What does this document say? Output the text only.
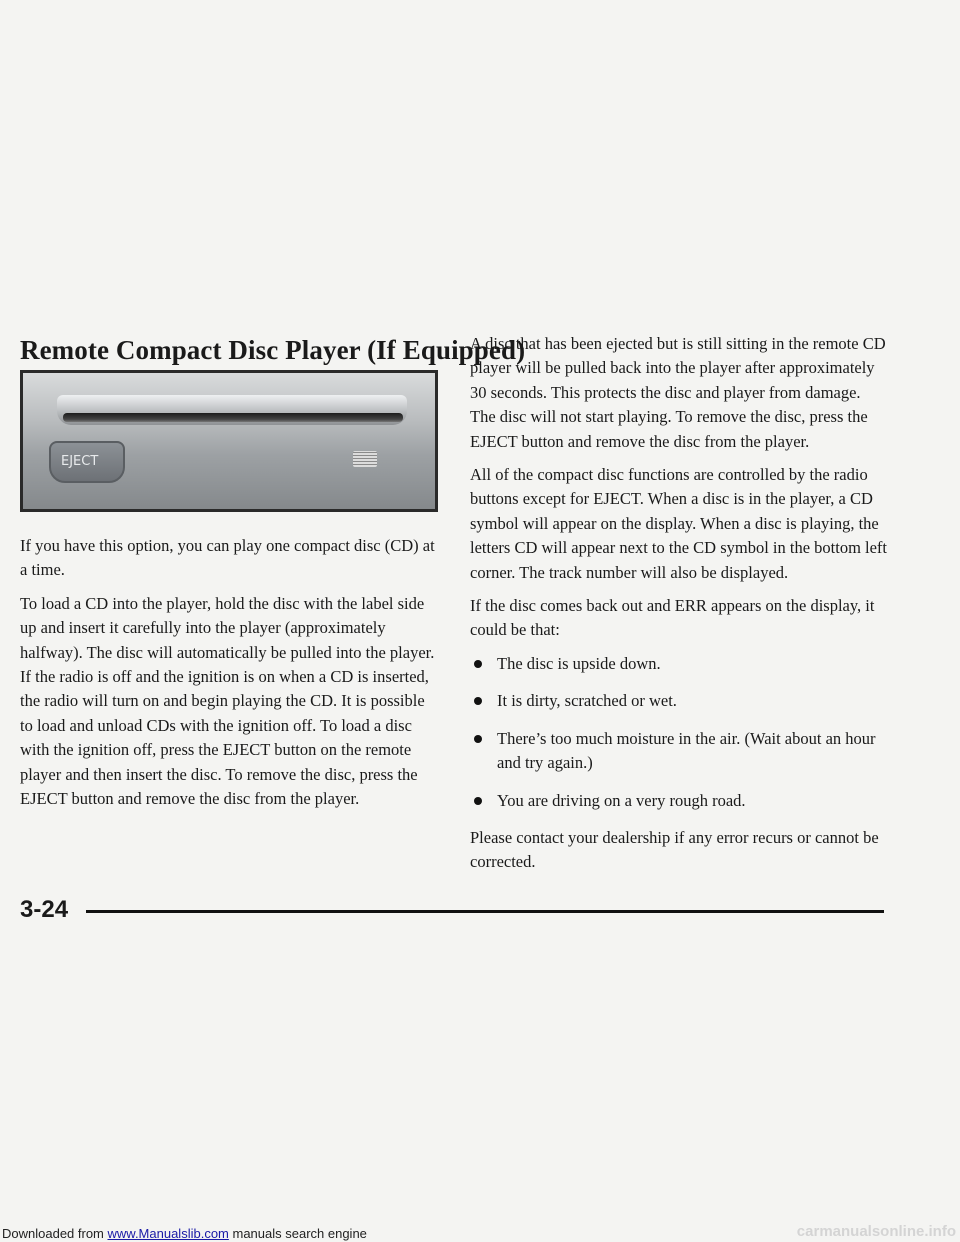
Remote Compact Disc Player (If Equipped)
EJECT

If you have this option, you can play one compact disc (CD) at a time.

To load a CD into the player, hold the disc with the label side up and insert it carefully into the player (approximately halfway). The disc will automatically be pulled into the player. If the radio is off and the ignition is on when a CD is inserted, the radio will turn on and begin playing the CD. It is possible to load and unload CDs with the ignition off. To load a disc with the ignition off, press the EJECT button on the remote player and then insert the disc. To remove the disc, press the EJECT button and remove the disc from the player.

A disc that has been ejected but is still sitting in the remote CD player will be pulled back into the player after approximately 30 seconds. This protects the disc and player from damage. The disc will not start playing. To remove the disc, press the EJECT button and remove the disc from the player.

All of the compact disc functions are controlled by the radio buttons except for EJECT. When a disc is in the player, a CD symbol will appear on the display. When a disc is playing, the letters CD will appear next to the CD symbol in the bottom left corner. The track number will also be displayed.

If the disc comes back out and ERR appears on the display, it could be that:

The disc is upside down.
It is dirty, scratched or wet.
There’s too much moisture in the air. (Wait about an hour and try again.)
You are driving on a very rough road.

Please contact your dealership if any error recurs or cannot be corrected.

3-24
Downloaded from www.Manualslib.com manuals search engine	carmanualsonline.info
